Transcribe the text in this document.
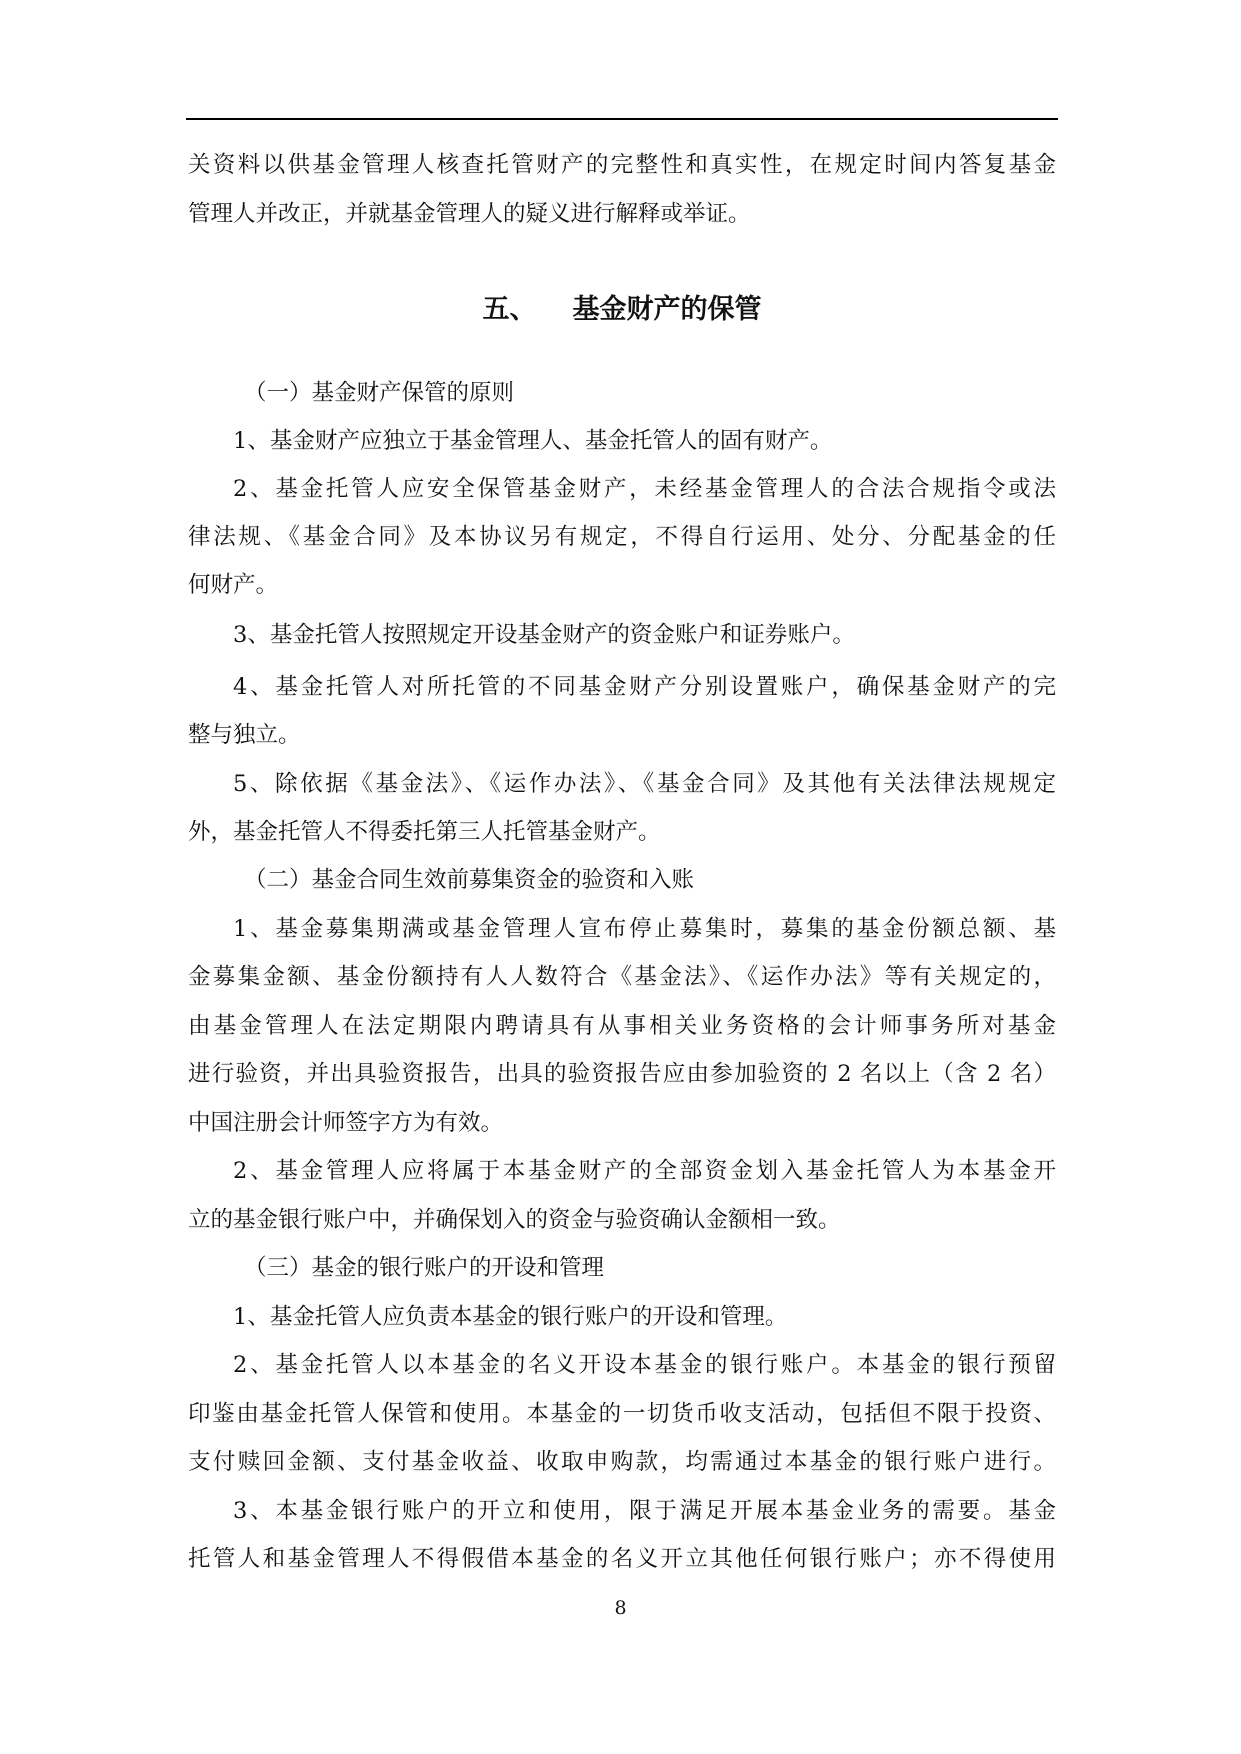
关资料以供基金管理人核查托管财产的完整性和真实性，在规定时间内答复基金
管理人并改正，并就基金管理人的疑义进行解释或举证。
五、 基金财产的保管
（一）基金财产保管的原则
1、基金财产应独立于基金管理人、基金托管人的固有财产。
2、基金托管人应安全保管基金财产，未经基金管理人的合法合规指令或法
律法规、《基金合同》及本协议另有规定，不得自行运用、处分、分配基金的任
何财产。
3、基金托管人按照规定开设基金财产的资金账户和证券账户。
4、基金托管人对所托管的不同基金财产分别设置账户，确保基金财产的完
整与独立。
5、除依据《基金法》、《运作办法》、《基金合同》及其他有关法律法规规定
外，基金托管人不得委托第三人托管基金财产。
（二）基金合同生效前募集资金的验资和入账
1、基金募集期满或基金管理人宣布停止募集时，募集的基金份额总额、基
金募集金额、基金份额持有人人数符合《基金法》、《运作办法》等有关规定的，
由基金管理人在法定期限内聘请具有从事相关业务资格的会计师事务所对基金
进行验资，并出具验资报告，出具的验资报告应由参加验资的 2 名以上（含 2 名）
中国注册会计师签字方为有效。
2、基金管理人应将属于本基金财产的全部资金划入基金托管人为本基金开
立的基金银行账户中，并确保划入的资金与验资确认金额相一致。
（三）基金的银行账户的开设和管理
1、基金托管人应负责本基金的银行账户的开设和管理。
2、基金托管人以本基金的名义开设本基金的银行账户。本基金的银行预留
印鉴由基金托管人保管和使用。本基金的一切货币收支活动，包括但不限于投资、
支付赎回金额、支付基金收益、收取申购款，均需通过本基金的银行账户进行。
3、本基金银行账户的开立和使用，限于满足开展本基金业务的需要。基金
托管人和基金管理人不得假借本基金的名义开立其他任何银行账户；亦不得使用
8
